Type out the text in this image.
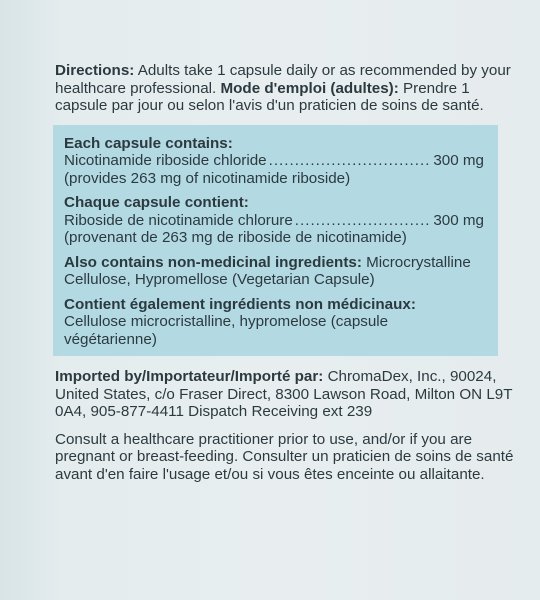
Directions: Adults take 1 capsule daily or as recommended by your healthcare professional. Mode d'emploi (adultes): Prendre 1 capsule par jour ou selon l'avis d'un praticien de soins de santé.

Each capsule contains:
Nicotinamide riboside chloride .....	300 mg
(provides 263 mg of nicotinamide riboside)
Chaque capsule contient:
Riboside de nicotinamide chlorure .....	300 mg
(provenant de 263 mg de riboside de nicotinamide)
Also contains non-medicinal ingredients: Microcrystalline Cellulose, Hypromellose (Vegetarian Capsule)
Contient également ingrédients non médicinaux:
Cellulose microcristalline, hypromelose (capsule végétarienne)

Imported by/Importateur/Importé par: ChromaDex, Inc., 90024, United States, c/o Fraser Direct, 8300 Lawson Road, Milton ON L9T 0A4, 905-877-4411 Dispatch Receiving ext 239

Consult a healthcare practitioner prior to use, and/or if you are pregnant or breast-feeding. Consulter un praticien de soins de santé avant d'en faire l'usage et/ou si vous êtes enceinte ou allaitante.
